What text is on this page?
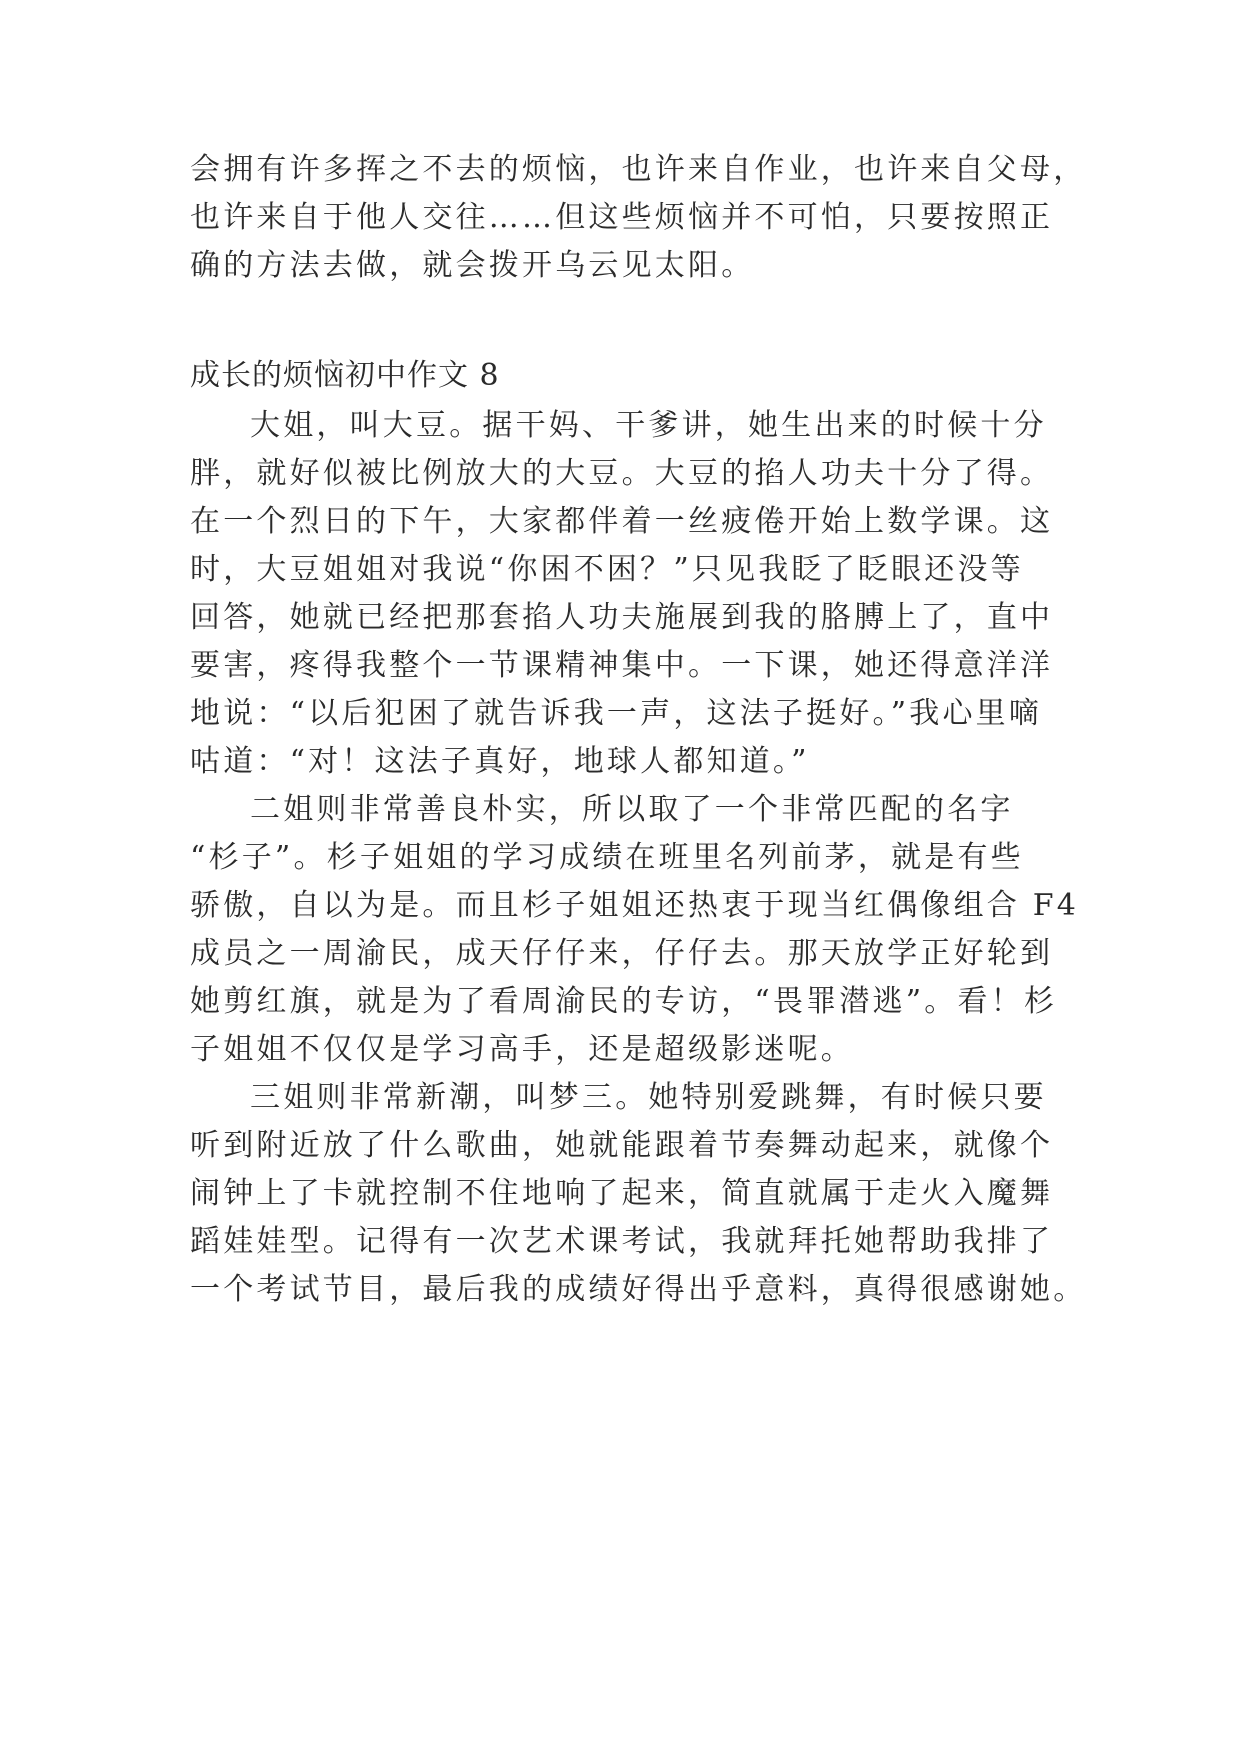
会拥有许多挥之不去的烦恼，也许来自作业，也许来自父母，
也许来自于他人交往……但这些烦恼并不可怕，只要按照正
确的方法去做，就会拨开乌云见太阳。
成长的烦恼初中作文 8
大姐，叫大豆。据干妈、干爹讲，她生出来的时候十分
胖，就好似被比例放大的大豆。大豆的掐人功夫十分了得。
在一个烈日的下午，大家都伴着一丝疲倦开始上数学课。这
时，大豆姐姐对我说“你困不困？”只见我眨了眨眼还没等
回答，她就已经把那套掐人功夫施展到我的胳膊上了，直中
要害，疼得我整个一节课精神集中。一下课，她还得意洋洋
地说：“以后犯困了就告诉我一声，这法子挺好。”我心里嘀
咕道：“对！这法子真好，地球人都知道。”
二姐则非常善良朴实，所以取了一个非常匹配的名字
“杉子”。杉子姐姐的学习成绩在班里名列前茅，就是有些
骄傲，自以为是。而且杉子姐姐还热衷于现当红偶像组合 F4
成员之一周渝民，成天仔仔来，仔仔去。那天放学正好轮到
她剪红旗，就是为了看周渝民的专访，“畏罪潜逃”。看！杉
子姐姐不仅仅是学习高手，还是超级影迷呢。
三姐则非常新潮，叫梦三。她特别爱跳舞，有时候只要
听到附近放了什么歌曲，她就能跟着节奏舞动起来，就像个
闹钟上了卡就控制不住地响了起来，简直就属于走火入魔舞
蹈娃娃型。记得有一次艺术课考试，我就拜托她帮助我排了
一个考试节目，最后我的成绩好得出乎意料，真得很感谢她。
